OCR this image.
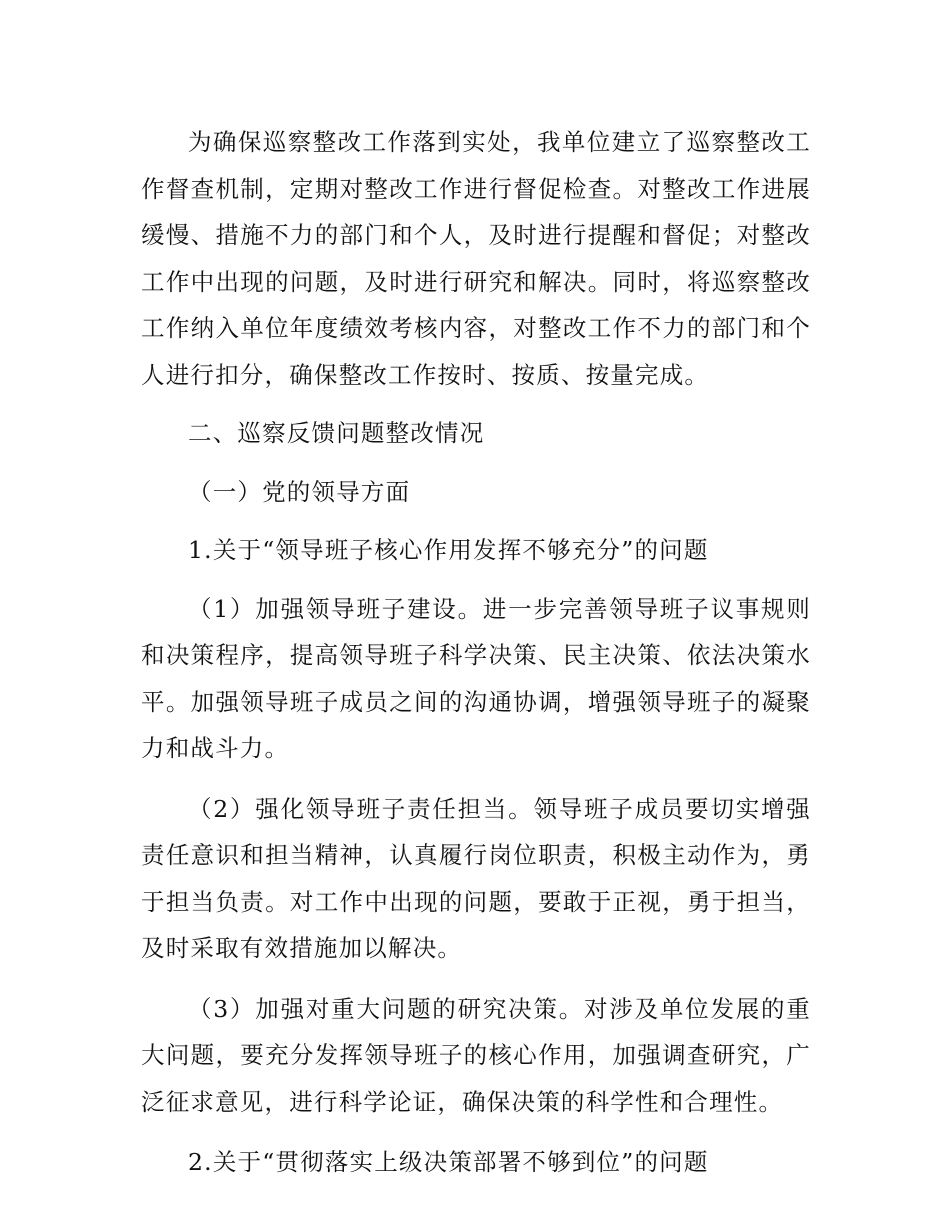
为确保巡察整改工作落到实处，我单位建立了巡察整改工作督查机制，定期对整改工作进行督促检查。对整改工作进展缓慢、措施不力的部门和个人，及时进行提醒和督促；对整改工作中出现的问题，及时进行研究和解决。同时，将巡察整改工作纳入单位年度绩效考核内容，对整改工作不力的部门和个人进行扣分，确保整改工作按时、按质、按量完成。

二、巡察反馈问题整改情况

（一）党的领导方面

1.关于“领导班子核心作用发挥不够充分”的问题

（1）加强领导班子建设。进一步完善领导班子议事规则和决策程序，提高领导班子科学决策、民主决策、依法决策水平。加强领导班子成员之间的沟通协调，增强领导班子的凝聚力和战斗力。

（2）强化领导班子责任担当。领导班子成员要切实增强责任意识和担当精神，认真履行岗位职责，积极主动作为，勇于担当负责。对工作中出现的问题，要敢于正视，勇于担当，及时采取有效措施加以解决。

（3）加强对重大问题的研究决策。对涉及单位发展的重大问题，要充分发挥领导班子的核心作用，加强调查研究，广泛征求意见，进行科学论证，确保决策的科学性和合理性。

2.关于“贯彻落实上级决策部署不够到位”的问题
